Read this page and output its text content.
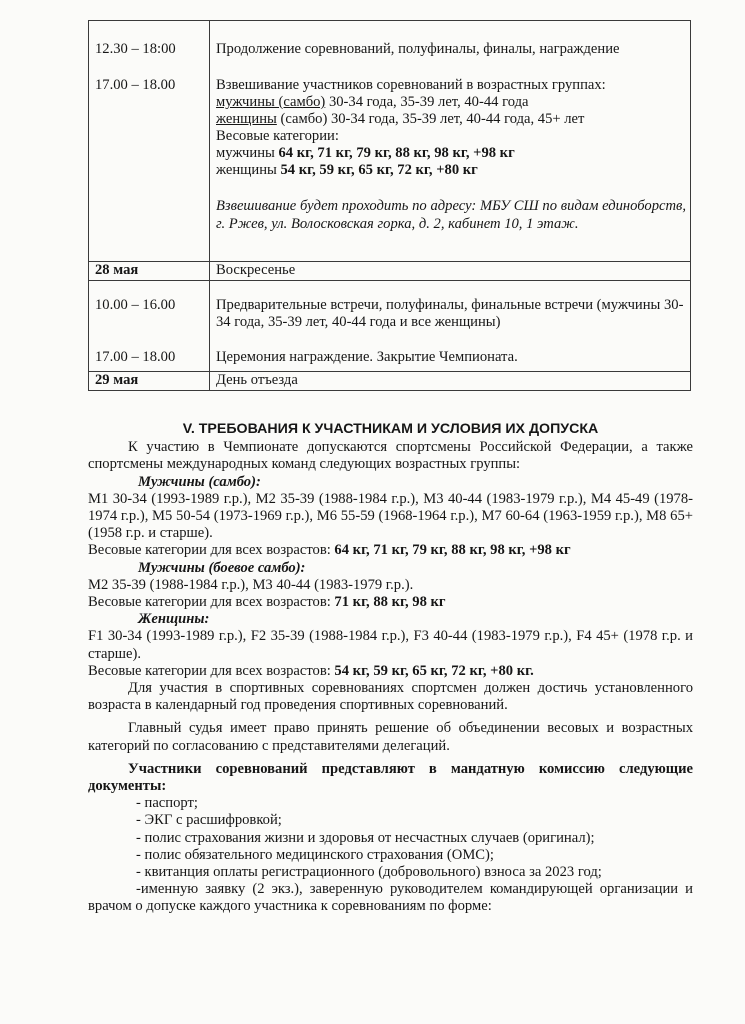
12.30 – 18:00
17.00 – 18.00

Продолжение соревнований, полуфиналы, финалы, награждение
Взвешивание участников соревнований в возрастных группах:
мужчины (самбо) 30-34 года, 35-39 лет, 40-44 года
женщины (самбо) 30-34 года, 35-39 лет, 40-44 года, 45+ лет
Весовые категории:
мужчины 64 кг, 71 кг, 79 кг, 88 кг, 98 кг, +98 кг
женщины 54 кг, 59 кг, 65 кг, 72 кг, +80 кг

Взвешивание будет проходить по адресу: МБУ СШ по видам единоборств, г. Ржев, ул. Волосковская горка, д. 2, кабинет 10, 1 этаж.

28 мая	Воскресенье

10.00 – 16.00
17.00 – 18.00

Предварительные встречи, полуфиналы, финальные встречи (мужчины 30-34 года, 35-39 лет, 40-44 года и все женщины)
Церемония награждение. Закрытие Чемпионата.

29 мая	День отъезда

V. ТРЕБОВАНИЯ К УЧАСТНИКАМ И УСЛОВИЯ ИХ ДОПУСКА

К участию в Чемпионате допускаются спортсмены Российской Федерации, а также спортсмены международных команд следующих возрастных группы:

Мужчины (самбо):

М1 30-34 (1993-1989 г.р.), М2 35-39 (1988-1984 г.р.), М3 40-44 (1983-1979 г.р.), М4 45-49 (1978-1974 г.р.), М5 50-54 (1973-1969 г.р.), М6 55-59 (1968-1964 г.р.), М7 60-64 (1963-1959 г.р.), М8 65+ (1958 г.р. и старше).

Весовые категории для всех возрастов: 64 кг, 71 кг, 79 кг, 88 кг, 98 кг, +98 кг

Мужчины (боевое самбо):

М2 35-39 (1988-1984 г.р.), М3 40-44 (1983-1979 г.р.).

Весовые категории для всех возрастов: 71 кг, 88 кг, 98 кг

Женщины:

F1 30-34 (1993-1989 г.р.), F2 35-39 (1988-1984 г.р.), F3 40-44 (1983-1979 г.р.), F4 45+ (1978 г.р. и старше).

Весовые категории для всех возрастов: 54 кг, 59 кг, 65 кг, 72 кг, +80 кг.

Для участия в спортивных соревнованиях спортсмен должен достичь установленного возраста в календарный год проведения спортивных соревнований.

Главный судья имеет право принять решение об объединении весовых и возрастных категорий по согласованию с представителями делегаций.

Участники соревнований представляют в мандатную комиссию следующие документы:

- паспорт;

- ЭКГ с расшифровкой;

- полис страхования жизни и здоровья от несчастных случаев (оригинал);

- полис обязательного медицинского страхования (ОМС);

- квитанция оплаты регистрационного (добровольного) взноса за 2023 год;

-именную заявку (2 экз.), заверенную руководителем командирующей организации и врачом о допуске каждого участника к соревнованиям по форме:
